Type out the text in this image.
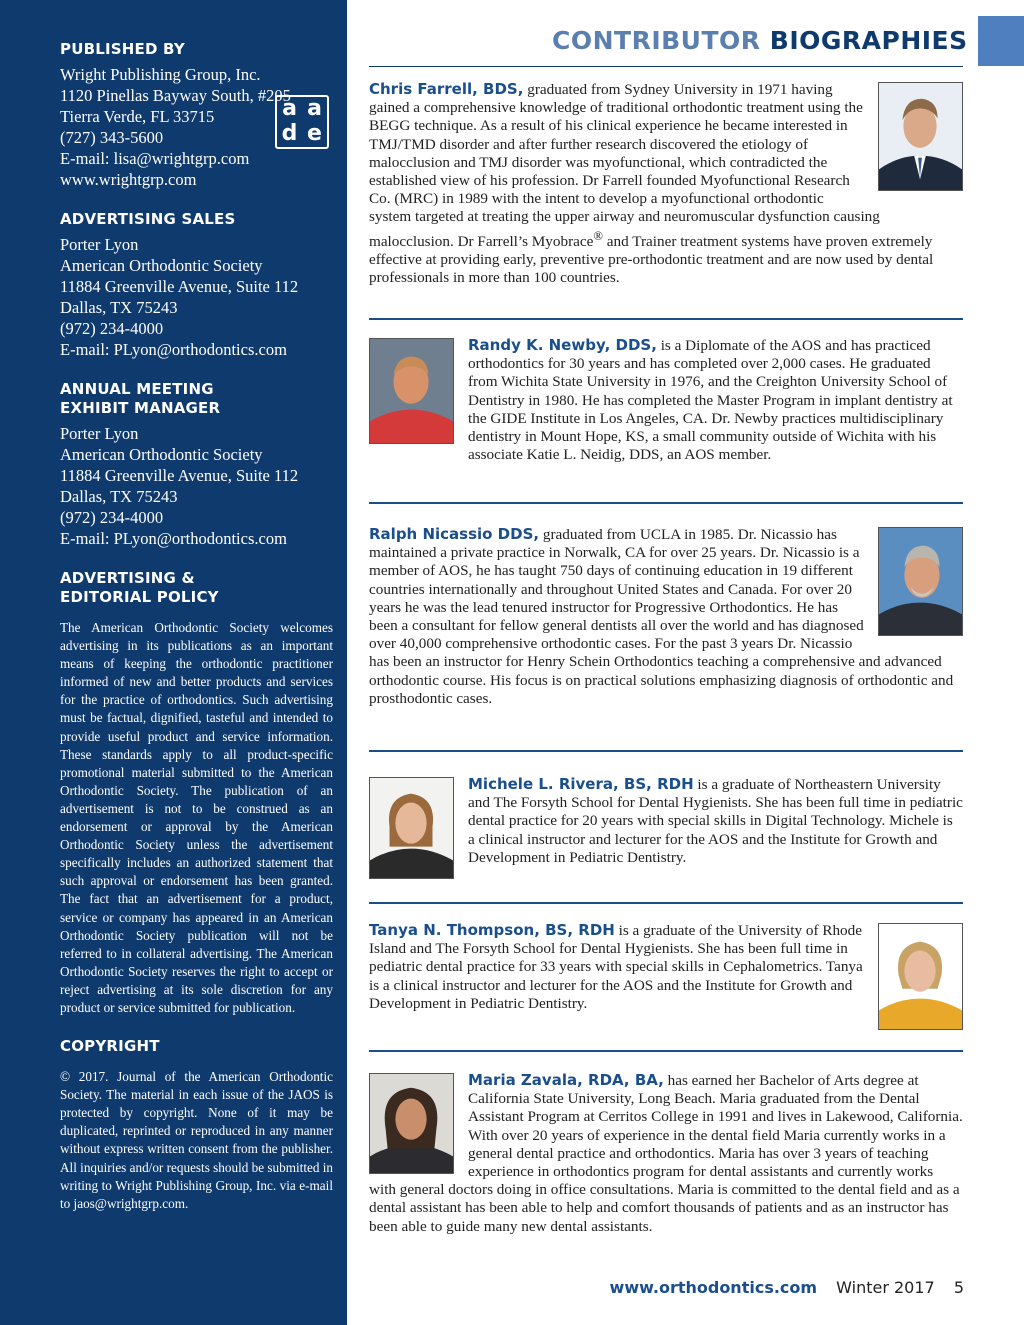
PUBLISHED BY
Wright Publishing Group, Inc.
1120 Pinellas Bayway South, #205
Tierra Verde, FL 33715
(727) 343-5600
E-mail: lisa@wrightgrp.com
www.wrightgrp.com
a a
d e
ADVERTISING SALES
Porter Lyon
American Orthodontic Society
11884 Greenville Avenue, Suite 112
Dallas, TX 75243
(972) 234-4000
E-mail: PLyon@orthodontics.com
ANNUAL MEETING
EXHIBIT MANAGER
Porter Lyon
American Orthodontic Society
11884 Greenville Avenue, Suite 112
Dallas, TX 75243
(972) 234-4000
E-mail: PLyon@orthodontics.com
ADVERTISING &
EDITORIAL POLICY
The American Orthodontic Society welcomes advertising in its publications as an important means of keeping the orthodontic practitioner informed of new and better products and services for the practice of orthodontics. Such advertising must be factual, dignified, tasteful and intended to provide useful product and service information. These standards apply to all product-specific promotional material submitted to the American Orthodontic Society. The publication of an advertisement is not to be construed as an endorsement or approval by the American Orthodontic Society unless the advertisement specifically includes an authorized statement that such approval or endorsement has been granted. The fact that an advertisement for a product, service or company has appeared in an American Orthodontic Society publication will not be referred to in collateral advertising. The American Orthodontic Society reserves the right to accept or reject advertising at its sole discretion for any product or service submitted for publication.
COPYRIGHT
© 2017. Journal of the American Orthodontic Society. The material in each issue of the JAOS is protected by copyright. None of it may be duplicated, reprinted or reproduced in any manner without express written consent from the publisher. All inquiries and/or requests should be submitted in writing to Wright Publishing Group, Inc. via e-mail to jaos@wrightgrp.com.
CONTRIBUTOR BIOGRAPHIES

Chris Farrell, BDS, graduated from Sydney University in 1971 having gained a comprehensive knowledge of traditional orthodontic treatment using the BEGG technique. As a result of his clinical experience he became interested in TMJ/TMD disorder and after further research discovered the etiology of malocclusion and TMJ disorder was myofunctional, which contradicted the established view of his profession. Dr Farrell founded Myofunctional Research Co. (MRC) in 1989 with the intent to develop a myofunctional orthodontic system targeted at treating the upper airway and neuromuscular dysfunction causing malocclusion. Dr Farrell’s Myobrace® and Trainer treatment systems have proven extremely effective at providing early, preventive pre-orthodontic treatment and are now used by dental professionals in more than 100 countries.

Randy K. Newby, DDS, is a Diplomate of the AOS and has practiced orthodontics for 30 years and has completed over 2,000 cases. He graduated from Wichita State University in 1976, and the Creighton University School of Dentistry in 1980. He has completed the Master Program in implant dentistry at the GIDE Institute in Los Angeles, CA. Dr. Newby practices multidisciplinary dentistry in Mount Hope, KS, a small community outside of Wichita with his associate Katie L. Neidig, DDS, an AOS member.

Ralph Nicassio DDS, graduated from UCLA in 1985. Dr. Nicassio has maintained a private practice in Norwalk, CA for over 25 years. Dr. Nicassio is a member of AOS, he has taught 750 days of continuing education in 19 different countries internationally and throughout United States and Canada. For over 20 years he was the lead tenured instructor for Progressive Orthodontics. He has been a consultant for fellow general dentists all over the world and has diagnosed over 40,000 comprehensive orthodontic cases. For the past 3 years Dr. Nicassio has been an instructor for Henry Schein Orthodontics teaching a comprehensive and advanced orthodontic course. His focus is on practical solutions emphasizing diagnosis of orthodontic and prosthodontic cases.

Michele L. Rivera, BS, RDH is a graduate of Northeastern University and The Forsyth School for Dental Hygienists. She has been full time in pediatric dental practice for 20 years with special skills in Digital Technology. Michele is a clinical instructor and lecturer for the AOS and the Institute for Growth and Development in Pediatric Dentistry.

Tanya N. Thompson, BS, RDH is a graduate of the University of Rhode Island and The Forsyth School for Dental Hygienists. She has been full time in pediatric dental practice for 33 years with special skills in Cephalometrics. Tanya is a clinical instructor and lecturer for the AOS and the Institute for Growth and Development in Pediatric Dentistry.

Maria Zavala, RDA, BA, has earned her Bachelor of Arts degree at California State University, Long Beach. Maria graduated from the Dental Assistant Program at Cerritos College in 1991 and lives in Lakewood, California. With over 20 years of experience in the dental field Maria currently works in a general dental practice and orthodontics. Maria has over 3 years of teaching experience in orthodontics program for dental assistants and currently works with general doctors doing in office consultations. Maria is committed to the dental field and as a dental assistant has been able to help and comfort thousands of patients and as an instructor has been able to guide many new dental assistants.

www.orthodontics.com Winter 2017 5
